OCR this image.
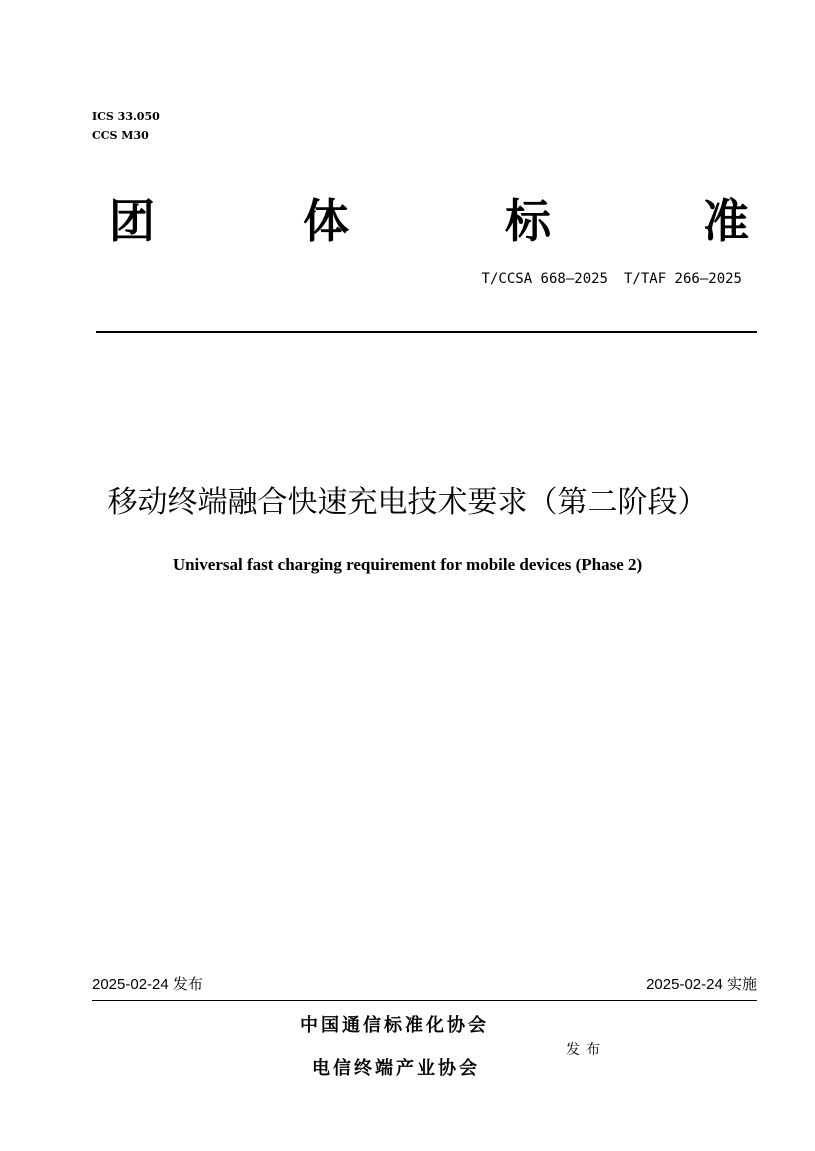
ICS 33.050
CCS M30
团	体	标	准
T/CCSA 668—2025 T/TAF 266—2025
移动终端融合快速充电技术要求（第二阶段）
Universal fast charging requirement for mobile devices (Phase 2)
2025-02-24 发布	2025-02-24 实施
中国通信标准化协会
电信终端产业协会
发布
